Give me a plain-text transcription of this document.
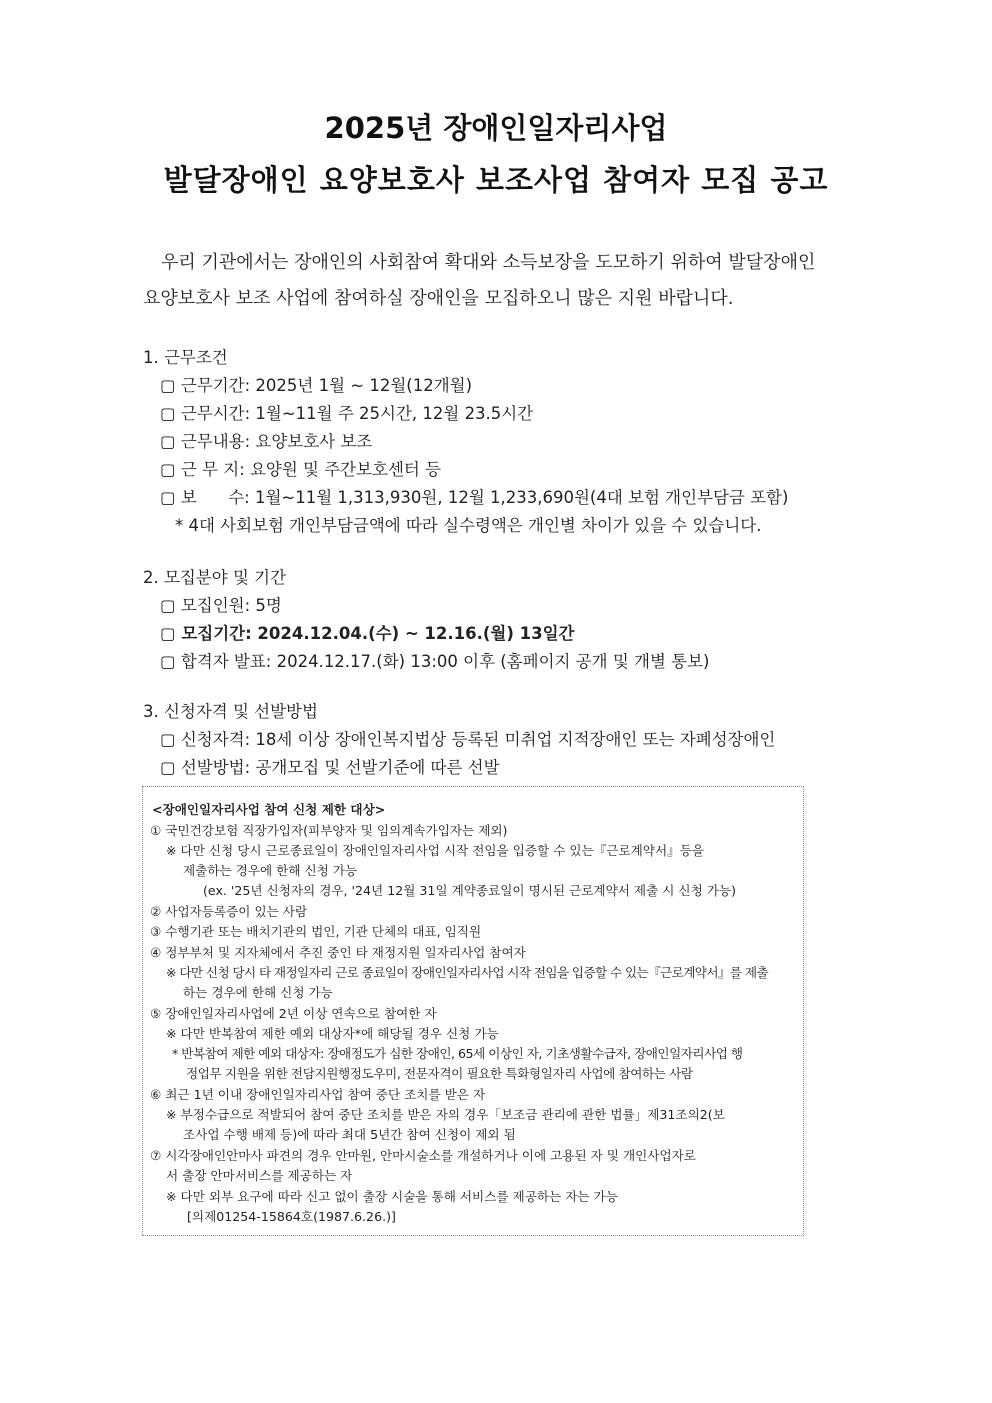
2025년 장애인일자리사업
발달장애인 요양보호사 보조사업 참여자 모집 공고
우리 기관에서는 장애인의 사회참여 확대와 소득보장을 도모하기 위하여 발달장애인
요양보호사 보조 사업에 참여하실 장애인을 모집하오니 많은 지원 바랍니다.
1. 근무조건
▢ 근무기간: 2025년 1월 ~ 12월(12개월)
▢ 근무시간: 1월~11월 주 25시간, 12월 23.5시간
▢ 근무내용: 요양보호사 보조
▢ 근 무 지: 요양원 및 주간보호센터 등
▢ 보      수: 1월~11월 1,313,930원, 12월 1,233,690원(4대 보험 개인부담금 포함)
* 4대 사회보험 개인부담금액에 따라 실수령액은 개인별 차이가 있을 수 있습니다.
2. 모집분야 및 기간
▢ 모집인원: 5명
▢ 모집기간: 2024.12.04.(수) ~ 12.16.(월) 13일간
▢ 합격자 발표: 2024.12.17.(화) 13:00 이후 (홈페이지 공개 및 개별 통보)
3. 신청자격 및 선발방법
▢ 신청자격: 18세 이상 장애인복지법상 등록된 미취업 지적장애인 또는 자폐성장애인
▢ 선발방법: 공개모집 및 선발기준에 따른 선발
<장애인일자리사업 참여 신청 제한 대상>
① 국민건강보험 직장가입자(피부양자 및 임의계속가입자는 제외)
※ 다만 신청 당시 근로종료일이 장애인일자리사업 시작 전임을 입증할 수 있는『근로계약서』등을
제출하는 경우에 한해 신청 가능
(ex. '25년 신청자의 경우, '24년 12월 31일 계약종료일이 명시된 근로계약서 제출 시 신청 가능)
② 사업자등록증이 있는 사람
③ 수행기관 또는 배치기관의 법인, 기관 단체의 대표, 임직원
④ 정부부처 및 지자체에서 추진 중인 타 재정지원 일자리사업 참여자
※ 다만 신청 당시 타 재정일자리 근로 종료일이 장애인일자리사업 시작 전임을 입증할 수 있는『근로계약서』를 제출
하는 경우에 한해 신청 가능
⑤ 장애인일자리사업에 2년 이상 연속으로 참여한 자
※ 다만 반복참여 제한 예외 대상자*에 해당될 경우 신청 가능
* 반복참여 제한 예외 대상자: 장애정도가 심한 장애인, 65세 이상인 자, 기초생활수급자, 장애인일자리사업 행
정업무 지원을 위한 전담지원행정도우미, 전문자격이 필요한 특화형일자리 사업에 참여하는 사람
⑥ 최근 1년 이내 장애인일자리사업 참여 중단 조치를 받은 자
※ 부정수급으로 적발되어 참여 중단 조치를 받은 자의 경우「보조금 관리에 관한 법률」제31조의2(보
조사업 수행 배제 등)에 따라 최대 5년간 참여 신청이 제외 됨
⑦ 시각장애인안마사 파견의 경우 안마원, 안마시술소를 개설하거나 이에 고용된 자 및 개인사업자로
서 출장 안마서비스를 제공하는 자
※ 다만 외부 요구에 따라 신고 없이 출장 시술을 통해 서비스를 제공하는 자는 가능
[의제01254-15864호(1987.6.26.)]
